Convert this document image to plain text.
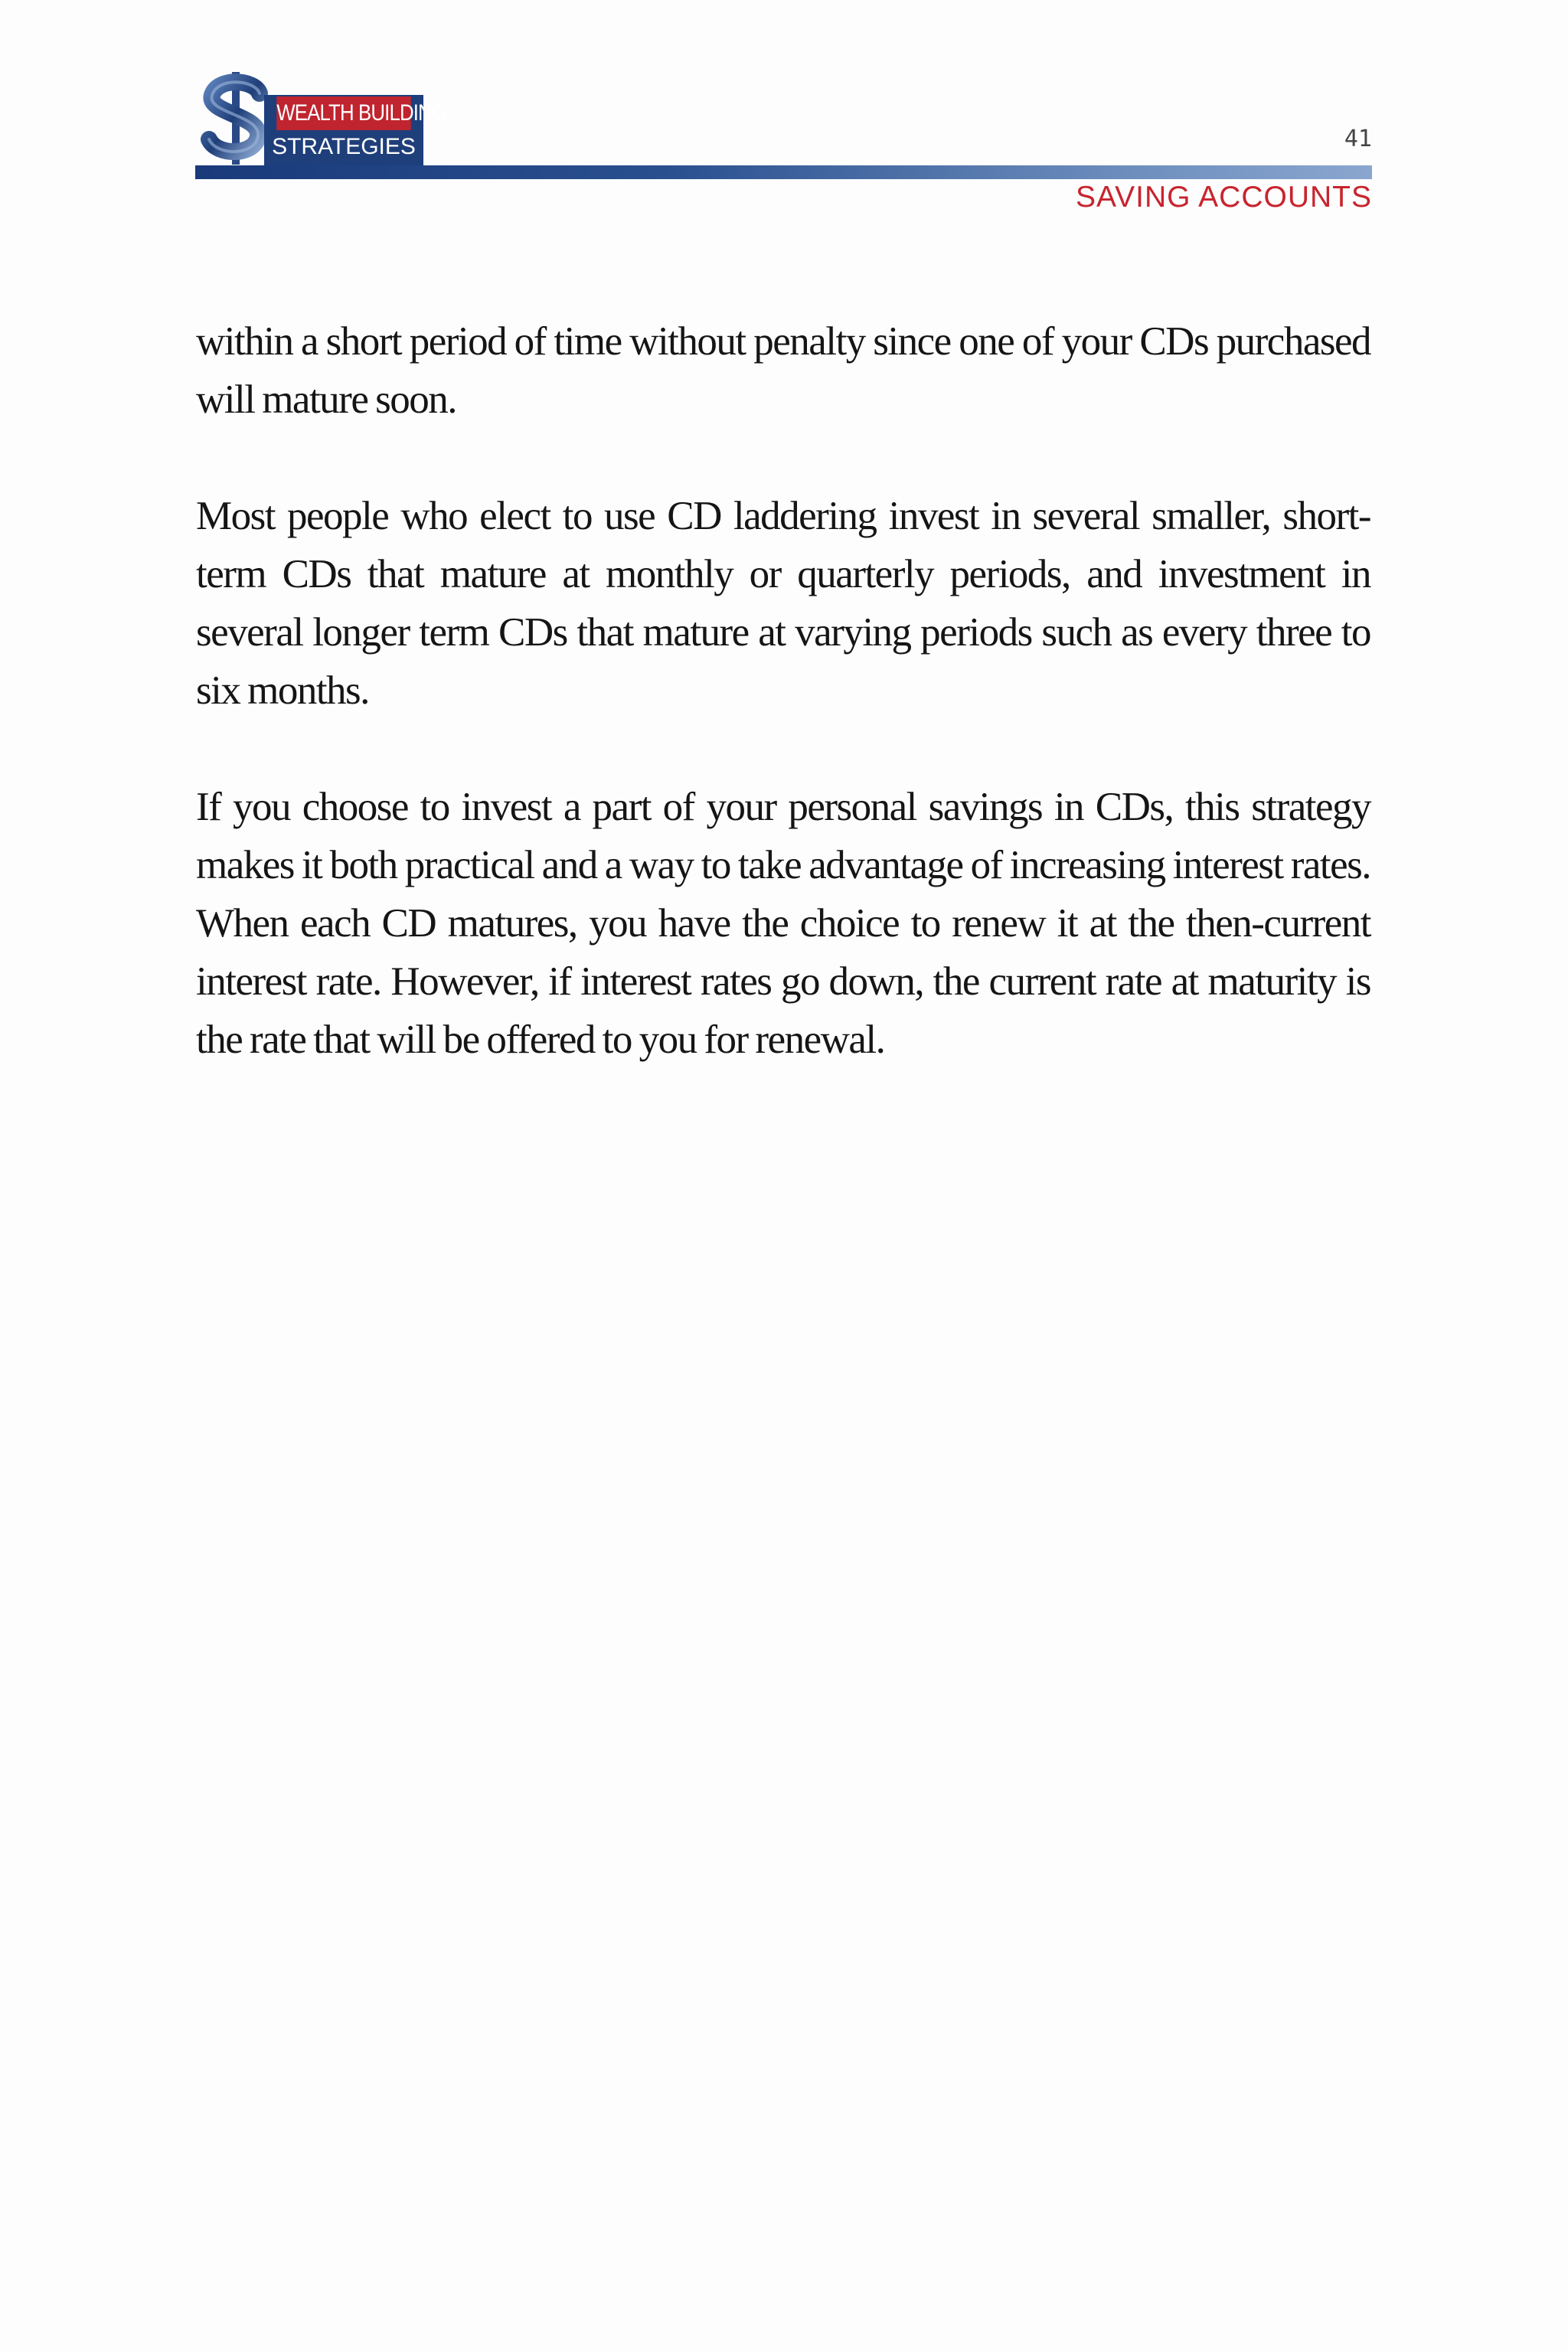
WEALTH BUILDING
STRATEGIES	41
SAVING ACCOUNTS

within a short period of time without penalty since one of your CDs purchased will mature soon.

Most people who elect to use CD laddering invest in several smaller, short-term CDs that mature at monthly or quarterly periods, and investment in several longer term CDs that mature at varying periods such as every three to six months.

If you choose to invest a part of your personal savings in CDs, this strategy makes it both practical and a way to take advantage of increasing interest rates. When each CD matures, you have the choice to renew it at the then-current interest rate. However, if interest rates go down, the current rate at maturity is the rate that will be offered to you for renewal.
